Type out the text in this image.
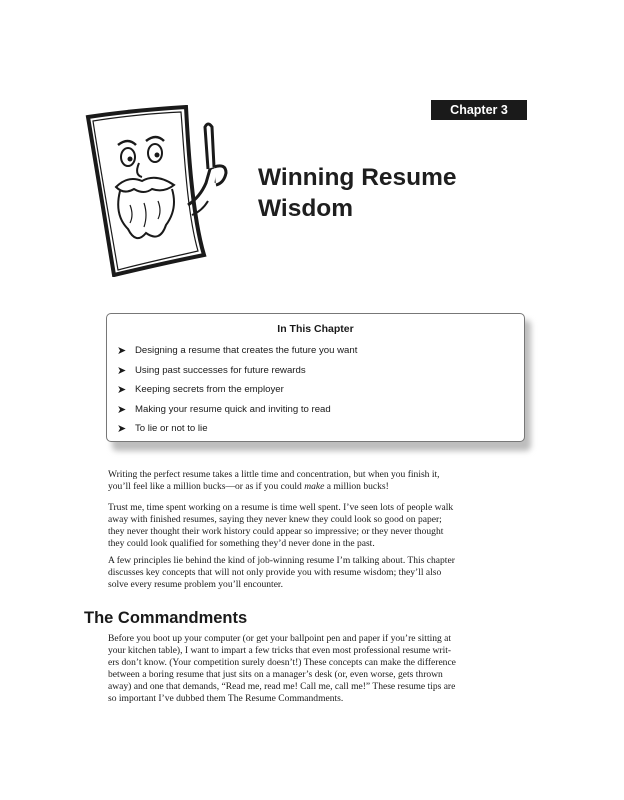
Chapter 3
Winning Resume
Wisdom
In This Chapter
➤ Designing a resume that creates the future you want
➤ Using past successes for future rewards
➤ Keeping secrets from the employer
➤ Making your resume quick and inviting to read
➤ To lie or not to lie

Writing the perfect resume takes a little time and concentration, but when you finish it,
you’ll feel like a million bucks—or as if you could make a million bucks!

Trust me, time spent working on a resume is time well spent. I’ve seen lots of people walk
away with finished resumes, saying they never knew they could look so good on paper;
they never thought their work history could appear so impressive; or they never thought
they could look qualified for something they’d never done in the past.

A few principles lie behind the kind of job-winning resume I’m talking about. This chapter
discusses key concepts that will not only provide you with resume wisdom; they’ll also
solve every resume problem you’ll encounter.

The Commandments

Before you boot up your computer (or get your ballpoint pen and paper if you’re sitting at
your kitchen table), I want to impart a few tricks that even most professional resume writ-
ers don’t know. (Your competition surely doesn’t!) These concepts can make the difference
between a boring resume that just sits on a manager’s desk (or, even worse, gets thrown
away) and one that demands, “Read me, read me! Call me, call me!” These resume tips are
so important I’ve dubbed them The Resume Commandments.
